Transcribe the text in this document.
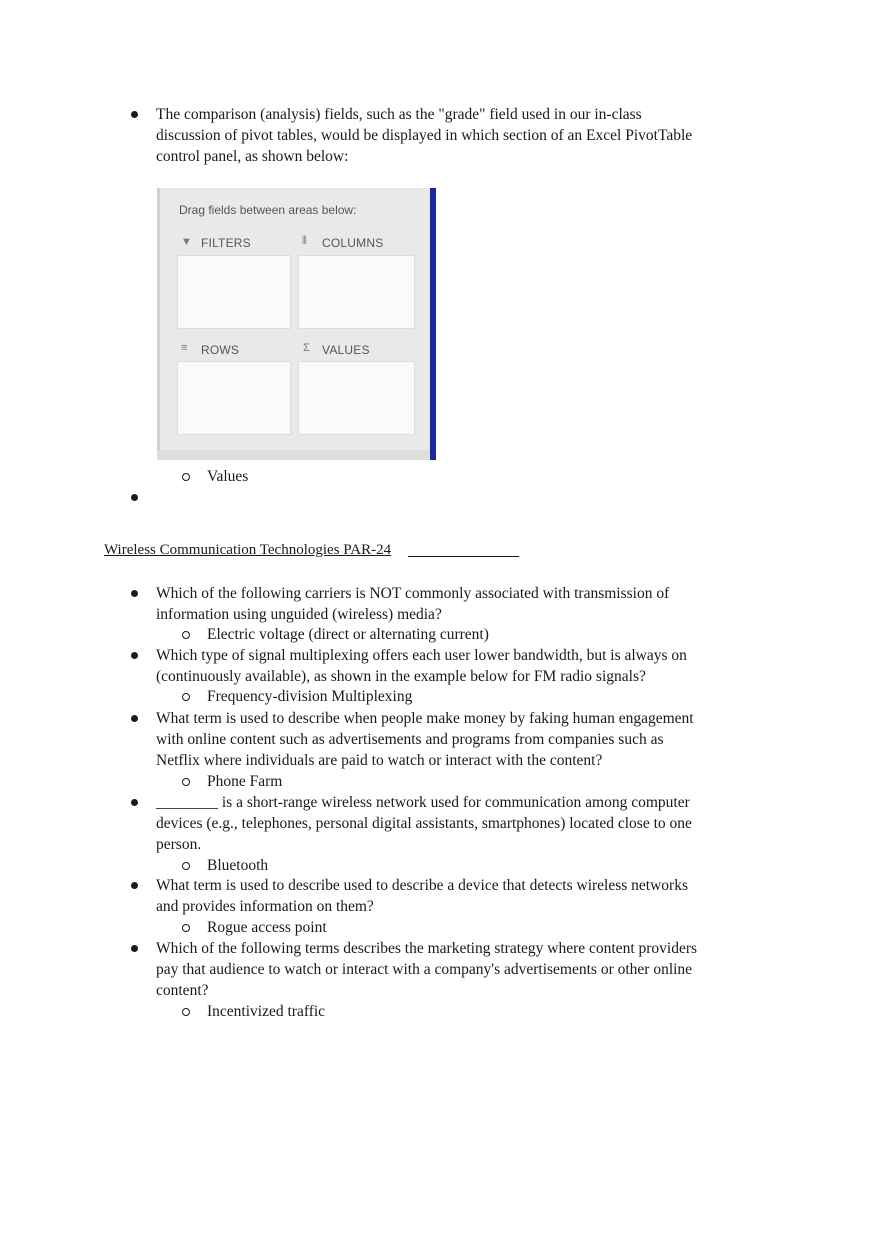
The comparison (analysis) fields, such as the "grade" field used in our in-class
discussion of pivot tables, would be displayed in which section of an Excel PivotTable
control panel, as shown below:
Drag fields between areas below:
▼ FILTERS	⦀ COLUMNS
≡ ROWS	Σ VALUES
Values
Wireless Communication Technologies PAR-24
Which of the following carriers is NOT commonly associated with transmission of
information using unguided (wireless) media?
Electric voltage (direct or alternating current)
Which type of signal multiplexing offers each user lower bandwidth, but is always on
(continuously available), as shown in the example below for FM radio signals?
Frequency-division Multiplexing
What term is used to describe when people make money by faking human engagement
with online content such as advertisements and programs from companies such as
Netflix where individuals are paid to watch or interact with the content?
Phone Farm
________ is a short-range wireless network used for communication among computer
devices (e.g., telephones, personal digital assistants, smartphones) located close to one
person.
Bluetooth
What term is used to describe used to describe a device that detects wireless networks
and provides information on them?
Rogue access point
Which of the following terms describes the marketing strategy where content providers
pay that audience to watch or interact with a company's advertisements or other online
content?
Incentivized traffic
